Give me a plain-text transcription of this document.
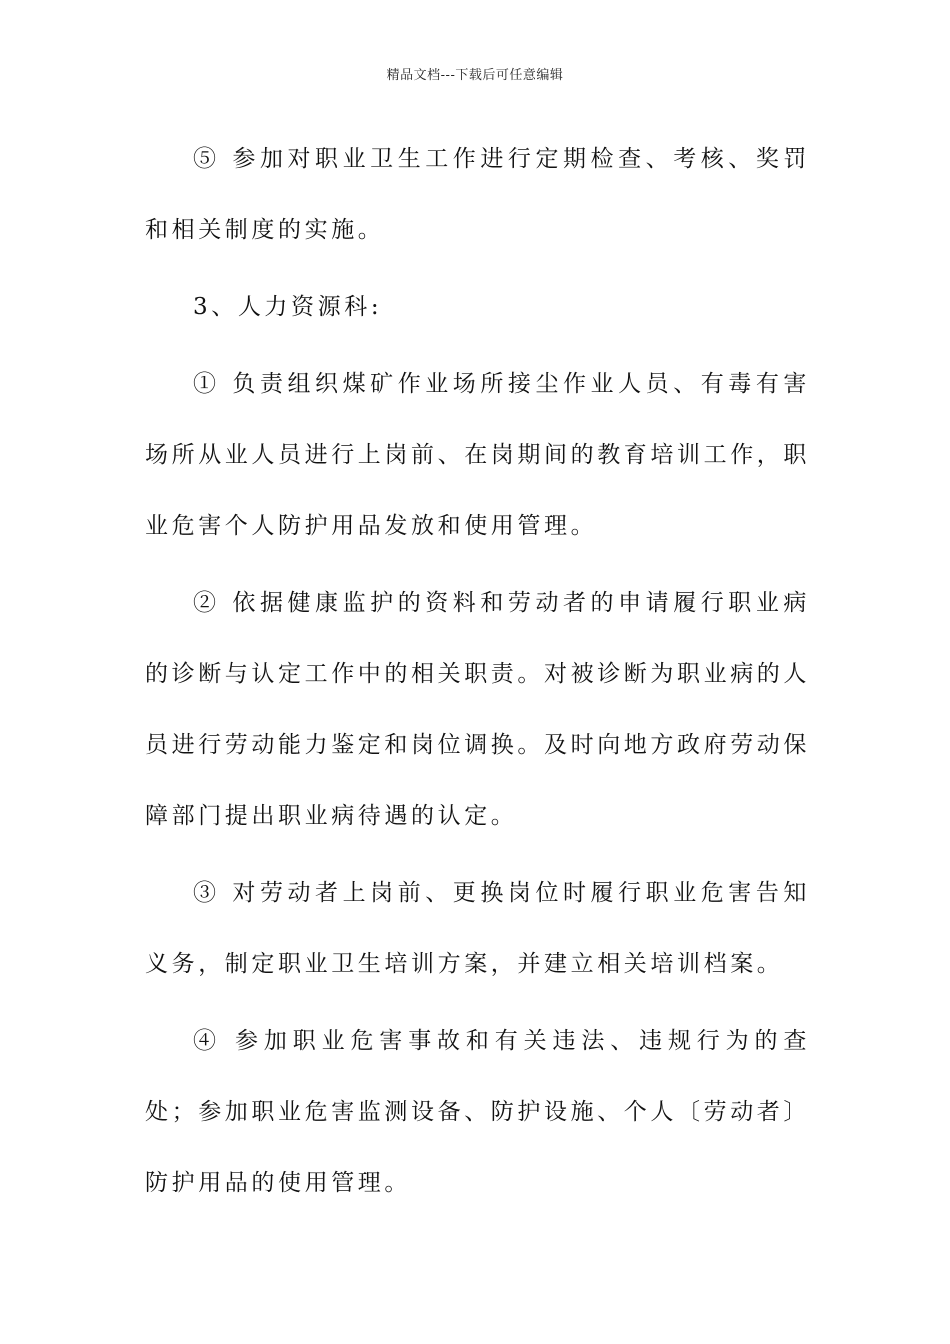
精品文档---下载后可任意编辑

⑤ 参加对职业卫生工作进行定期检查、考核、奖罚和相关制度的实施。

3、人力资源科:

① 负责组织煤矿作业场所接尘作业人员、有毒有害场所从业人员进行上岗前、在岗期间的教育培训工作，职业危害个人防护用品发放和使用管理。

② 依据健康监护的资料和劳动者的申请履行职业病的诊断与认定工作中的相关职责。对被诊断为职业病的人员进行劳动能力鉴定和岗位调换。及时向地方政府劳动保障部门提出职业病待遇的认定。

③ 对劳动者上岗前、更换岗位时履行职业危害告知义务，制定职业卫生培训方案，并建立相关培训档案。

④ 参加职业危害事故和有关违法、违规行为的查处；参加职业危害监测设备、防护设施、个人〔劳动者〕防护用品的使用管理。
